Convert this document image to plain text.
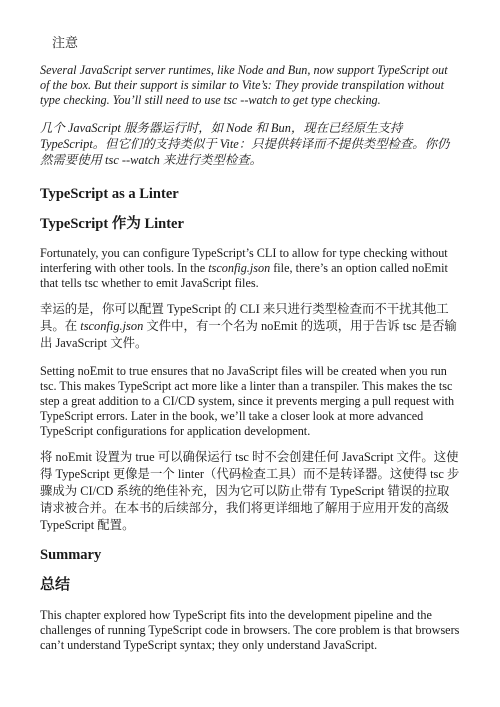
注意

Several JavaScript server runtimes, like Node and Bun, now support TypeScript out of the box. But their support is similar to Vite’s: They provide transpilation without type checking. You’ll still need to use tsc --watch to get type checking.

几个 JavaScript 服务器运行时，如 Node 和 Bun，现在已经原生支持 TypeScript。但它们的支持类似于 Vite：只提供转译而不提供类型检查。你仍然需要使用 tsc --watch 来进行类型检查。

TypeScript as a Linter
TypeScript 作为 Linter

Fortunately, you can configure TypeScript’s CLI to allow for type checking without interfering with other tools. In the tsconfig.json file, there’s an option called noEmit that tells tsc whether to emit JavaScript files.

幸运的是，你可以配置 TypeScript 的 CLI 来只进行类型检查而不干扰其他工具。在 tsconfig.json 文件中，有一个名为 noEmit 的选项，用于告诉 tsc 是否输出 JavaScript 文件。

Setting noEmit to true ensures that no JavaScript files will be created when you run tsc. This makes TypeScript act more like a linter than a transpiler. This makes the tsc step a great addition to a CI/CD system, since it prevents merging a pull request with TypeScript errors. Later in the book, we’ll take a closer look at more advanced TypeScript configurations for application development.

将 noEmit 设置为 true 可以确保运行 tsc 时不会创建任何 JavaScript 文件。这使得 TypeScript 更像是一个 linter（代码检查工具）而不是转译器。这使得 tsc 步骤成为 CI/CD 系统的绝佳补充，因为它可以防止带有 TypeScript 错误的拉取请求被合并。在本书的后续部分，我们将更详细地了解用于应用开发的高级 TypeScript 配置。

Summary
总结

This chapter explored how TypeScript fits into the development pipeline and the challenges of running TypeScript code in browsers. The core problem is that browsers can’t understand TypeScript syntax; they only understand JavaScript.
